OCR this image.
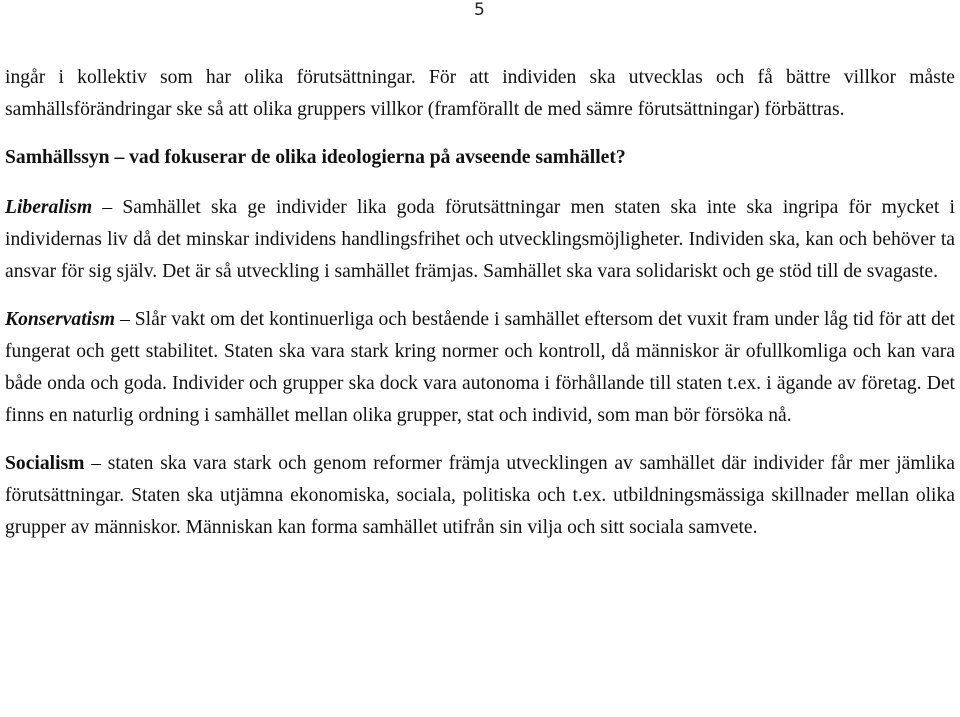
5

ingår i kollektiv som har olika förutsättningar. För att individen ska utvecklas och få bättre villkor måste samhällsförändringar ske så att olika gruppers villkor (framförallt de med sämre förutsättningar) förbättras.

Samhällssyn – vad fokuserar de olika ideologierna på avseende samhället?

Liberalism – Samhället ska ge individer lika goda förutsättningar men staten ska inte ska ingripa för mycket i individernas liv då det minskar individens handlingsfrihet och utvecklingsmöjligheter. Individen ska, kan och behöver ta ansvar för sig själv. Det är så utveckling i samhället främjas. Samhället ska vara solidariskt och ge stöd till de svagaste.

Konservatism – Slår vakt om det kontinuerliga och bestående i samhället eftersom det vuxit fram under låg tid för att det fungerat och gett stabilitet. Staten ska vara stark kring normer och kontroll, då människor är ofullkomliga och kan vara både onda och goda. Individer och grupper ska dock vara autonoma i förhållande till staten t.ex. i ägande av företag. Det finns en naturlig ordning i samhället mellan olika grupper, stat och individ, som man bör försöka nå.

Socialism – staten ska vara stark och genom reformer främja utvecklingen av samhället där individer får mer jämlika förutsättningar. Staten ska utjämna ekonomiska, sociala, politiska och t.ex. utbildningsmässiga skillnader mellan olika grupper av människor. Människan kan forma samhället utifrån sin vilja och sitt sociala samvete.
